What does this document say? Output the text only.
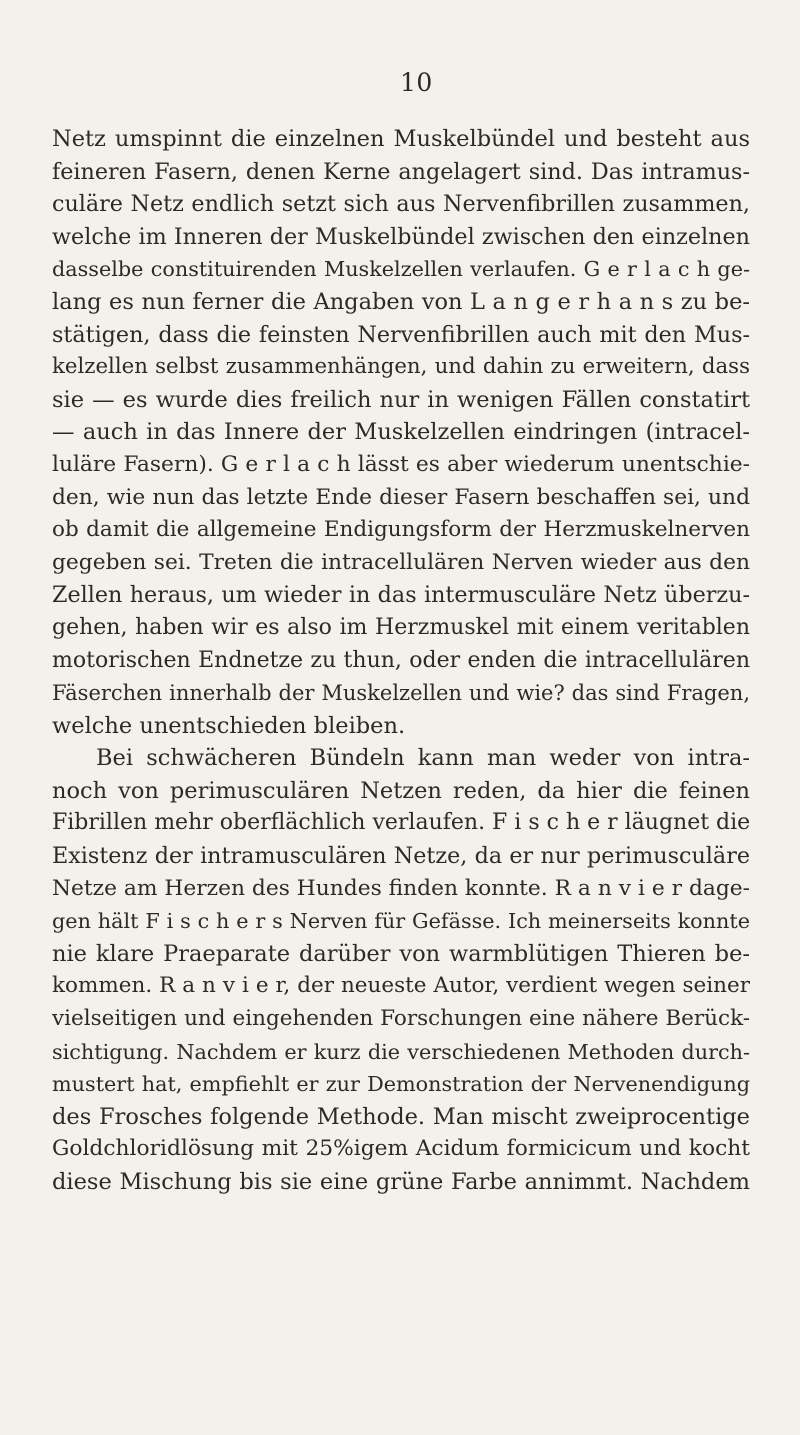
10
Netz umspinnt die einzelnen Muskelbündel und besteht aus
feineren Fasern, denen Kerne angelagert sind. Das intramus-
culäre Netz endlich setzt sich aus Nervenfibrillen zusammen,
welche im Inneren der Muskelbündel zwischen den einzelnen
dasselbe constituirenden Muskelzellen verlaufen. G e r l a c h ge-
lang es nun ferner die Angaben von L a n g e r h a n s zu be-
stätigen, dass die feinsten Nervenfibrillen auch mit den Mus-
kelzellen selbst zusammenhängen, und dahin zu erweitern, dass
sie — es wurde dies freilich nur in wenigen Fällen constatirt
— auch in das Innere der Muskelzellen eindringen (intracel-
luläre Fasern). G e r l a c h lässt es aber wiederum unentschie-
den, wie nun das letzte Ende dieser Fasern beschaffen sei, und
ob damit die allgemeine Endigungsform der Herzmuskelnerven
gegeben sei. Treten die intracellulären Nerven wieder aus den
Zellen heraus, um wieder in das intermusculäre Netz überzu-
gehen, haben wir es also im Herzmuskel mit einem veritablen
motorischen Endnetze zu thun, oder enden die intracellulären
Fäserchen innerhalb der Muskelzellen und wie? das sind Fragen,
welche unentschieden bleiben.
Bei schwächeren Bündeln kann man weder von intra-
noch von perimusculären Netzen reden, da hier die feinen
Fibrillen mehr oberflächlich verlaufen. F i s c h e r läugnet die
Existenz der intramusculären Netze, da er nur perimusculäre
Netze am Herzen des Hundes finden konnte. R a n v i e r dage-
gen hält F i s c h e r s Nerven für Gefässe. Ich meinerseits konnte
nie klare Praeparate darüber von warmblütigen Thieren be-
kommen. R a n v i e r, der neueste Autor, verdient wegen seiner
vielseitigen und eingehenden Forschungen eine nähere Berück-
sichtigung. Nachdem er kurz die verschiedenen Methoden durch-
mustert hat, empfiehlt er zur Demonstration der Nervenendigung
des Frosches folgende Methode. Man mischt zweiprocentige
Goldchloridlösung mit 25%igem Acidum formicicum und kocht
diese Mischung bis sie eine grüne Farbe annimmt. Nachdem
